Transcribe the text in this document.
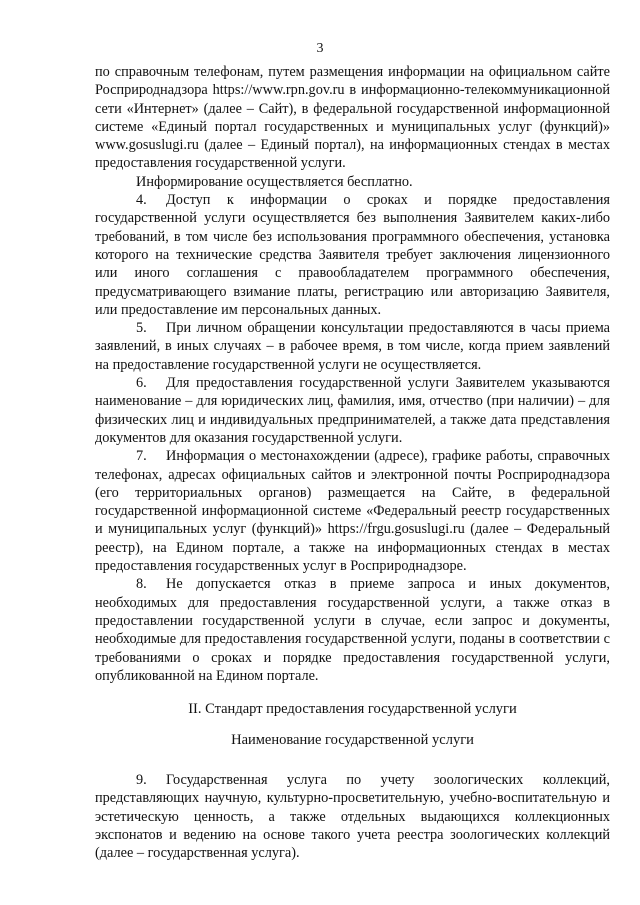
3

по справочным телефонам, путем размещения информации на официальном сайте Росприроднадзора https://www.rpn.gov.ru в информационно-телекоммуникационной сети «Интернет» (далее – Сайт), в федеральной государственной информационной системе «Единый портал государственных и муниципальных услуг (функций)» www.gosuslugi.ru (далее – Единый портал), на информационных стендах в местах предоставления государственной услуги.

Информирование осуществляется бесплатно.

4. Доступ к информации о сроках и порядке предоставления государственной услуги осуществляется без выполнения Заявителем каких-либо требований, в том числе без использования программного обеспечения, установка которого на технические средства Заявителя требует заключения лицензионного или иного соглашения с правообладателем программного обеспечения, предусматривающего взимание платы, регистрацию или авторизацию Заявителя, или предоставление им персональных данных.

5. При личном обращении консультации предоставляются в часы приема заявлений, в иных случаях – в рабочее время, в том числе, когда прием заявлений на предоставление государственной услуги не осуществляется.

6. Для предоставления государственной услуги Заявителем указываются наименование – для юридических лиц, фамилия, имя, отчество (при наличии) – для физических лиц и индивидуальных предпринимателей, а также дата представления документов для оказания государственной услуги.

7. Информация о местонахождении (адресе), графике работы, справочных телефонах, адресах официальных сайтов и электронной почты Росприроднадзора (его территориальных органов) размещается на Сайте, в федеральной государственной информационной системе «Федеральный реестр государственных и муниципальных услуг (функций)» https://frgu.gosuslugi.ru (далее – Федеральный реестр), на Едином портале, а также на информационных стендах в местах предоставления государственных услуг в Росприроднадзоре.

8. Не допускается отказ в приеме запроса и иных документов, необходимых для предоставления государственной услуги, а также отказ в предоставлении государственной услуги в случае, если запрос и документы, необходимые для предоставления государственной услуги, поданы в соответствии с требованиями о сроках и порядке предоставления государственной услуги, опубликованной на Едином портале.

II. Стандарт предоставления государственной услуги
Наименование государственной услуги

9. Государственная услуга по учету зоологических коллекций, представляющих научную, культурно-просветительную, учебно-воспитательную и эстетическую ценность, а также отдельных выдающихся коллекционных экспонатов и ведению на основе такого учета реестра зоологических коллекций (далее – государственная услуга).
